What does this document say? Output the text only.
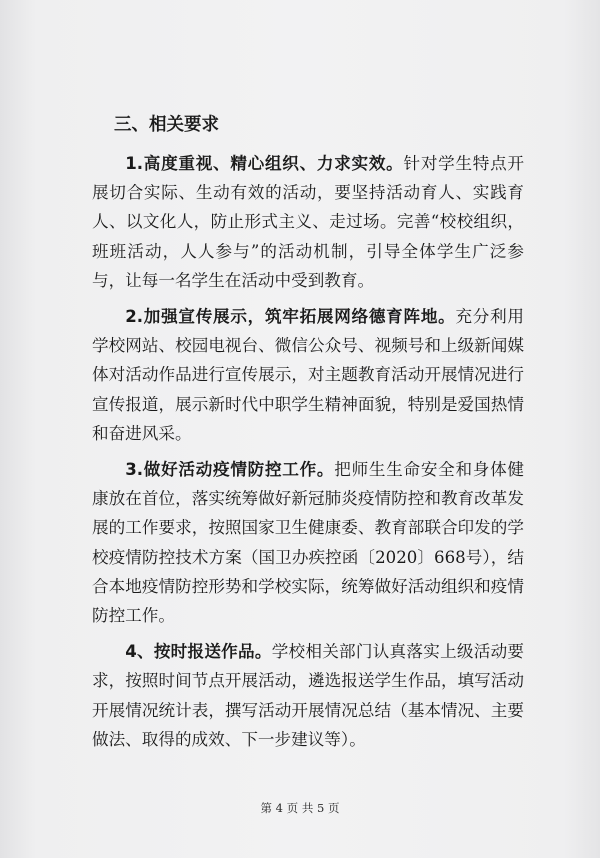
三、相关要求

1.高度重视、精心组织、力求实效。针对学生特点开展切合实际、生动有效的活动，要坚持活动育人、实践育人、以文化人，防止形式主义、走过场。完善“校校组织，班班活动，人人参与”的活动机制，引导全体学生广泛参与，让每一名学生在活动中受到教育。

2.加强宣传展示，筑牢拓展网络德育阵地。充分利用学校网站、校园电视台、微信公众号、视频号和上级新闻媒体对活动作品进行宣传展示，对主题教育活动开展情况进行宣传报道，展示新时代中职学生精神面貌，特别是爱国热情和奋进风采。

3.做好活动疫情防控工作。把师生生命安全和身体健康放在首位，落实统筹做好新冠肺炎疫情防控和教育改革发展的工作要求，按照国家卫生健康委、教育部联合印发的学校疫情防控技术方案（国卫办疾控函〔2020〕668号），结合本地疫情防控形势和学校实际，统筹做好活动组织和疫情防控工作。

4、按时报送作品。学校相关部门认真落实上级活动要求，按照时间节点开展活动，遴选报送学生作品，填写活动开展情况统计表，撰写活动开展情况总结（基本情况、主要做法、取得的成效、下一步建议等）。

第 4 页 共 5 页
